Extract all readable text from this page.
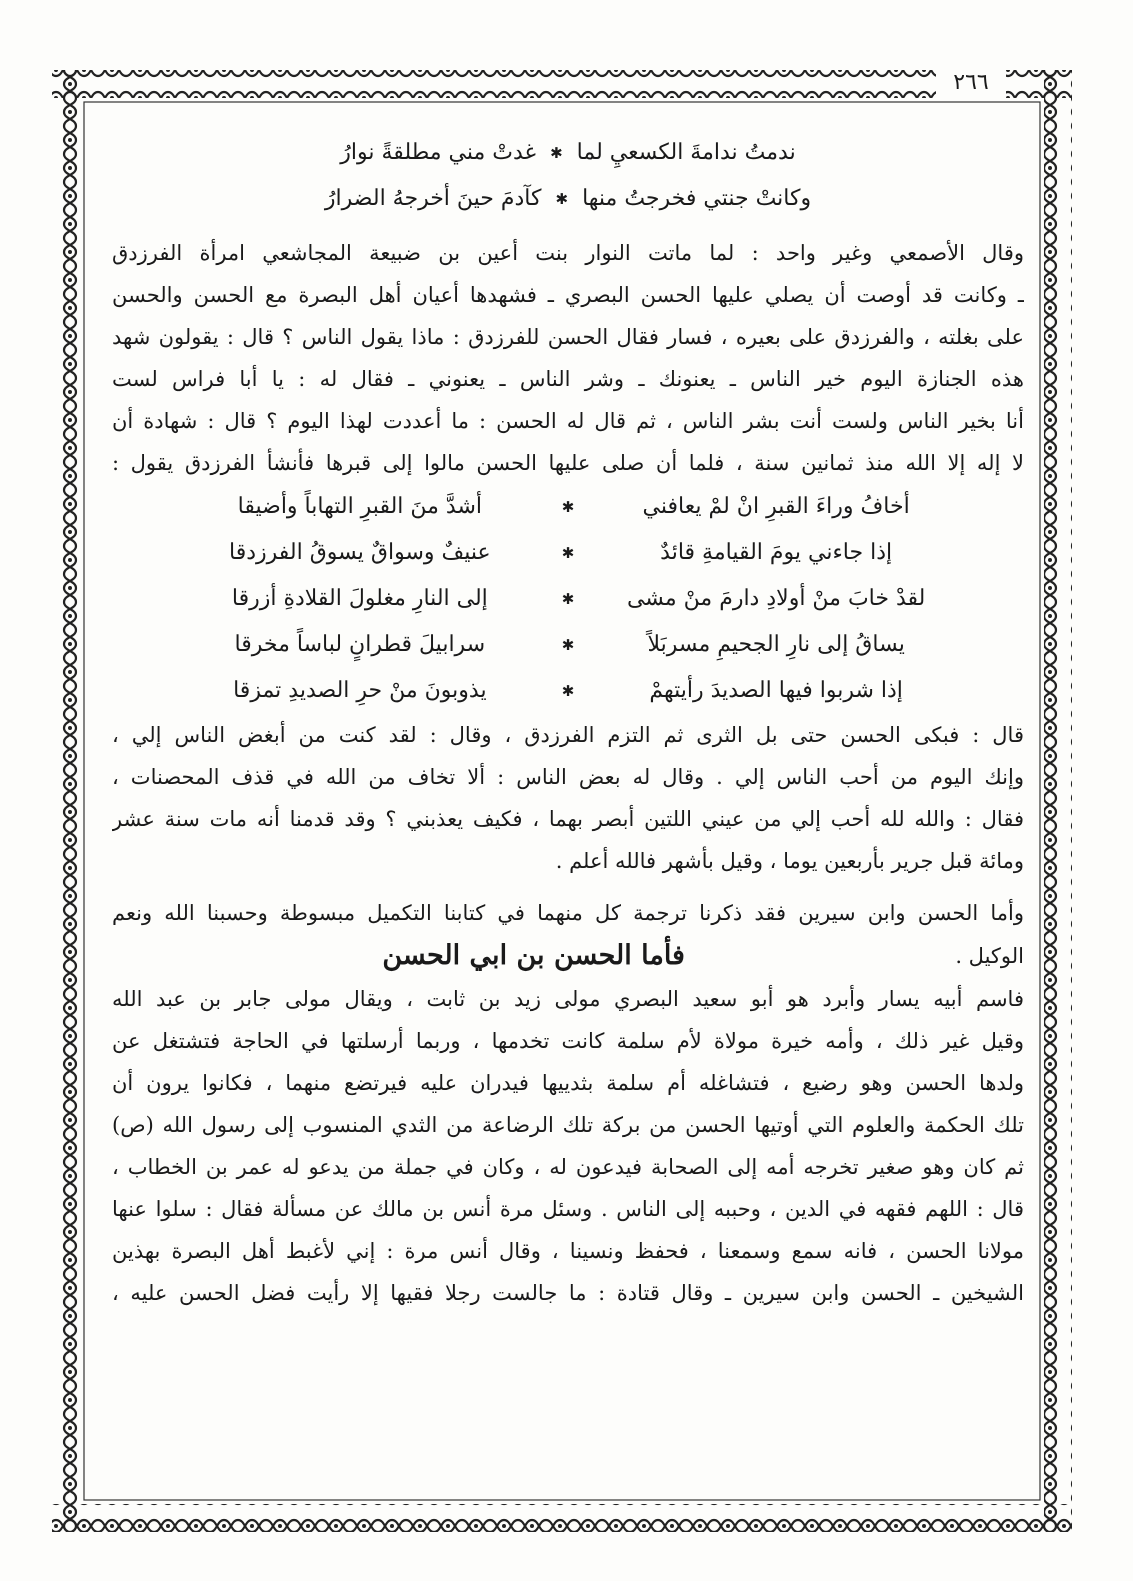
٢٦٦
ندمتُ ندامةَ الكسعيِ لما
✱
غدتْ مني مطلقةً نوارُ
وكانتْ جنتي فخرجتُ منها
✱
كآدمَ حينَ أخرجهُ الضرارُ
وقال الأصمعي وغير واحد : لما ماتت النوار بنت أعين بن ضبيعة المجاشعي امرأة الفرزدق
ـ وكانت قد أوصت أن يصلي عليها الحسن البصري ـ فشهدها أعيان أهل البصرة مع الحسن والحسن
على بغلته ، والفرزدق على بعيره ، فسار فقال الحسن للفرزدق : ماذا يقول الناس ؟ قال : يقولون شهد
هذه الجنازة اليوم خير الناس ـ يعنونك ـ وشر الناس ـ يعنوني ـ فقال له : يا أبا فراس لست
أنا بخير الناس ولست أنت بشر الناس ، ثم قال له الحسن : ما أعددت لهذا اليوم ؟ قال : شهادة أن
لا إله إلا الله منذ ثمانين سنة ، فلما أن صلى عليها الحسن مالوا إلى قبرها فأنشأ الفرزدق يقول :
أخافُ وراءَ القبرِ انْ لمْ يعافني
✱
أشدَّ منَ القبرِ التهاباً وأضيقا
إذا جاءني يومَ القيامةِ قائدٌ
✱
عنيفٌ وسواقٌ يسوقُ الفرزدقا
لقدْ خابَ منْ أولادِ دارمَ منْ مشى
✱
إلى النارِ مغلولَ القلادةِ أزرقا
يساقُ إلى نارِ الجحيمِ مسربَلاً
✱
سرابيلَ قطرانٍ لباساً مخرقا
إذا شربوا فيها الصديدَ رأيتهمْ
✱
يذوبونَ منْ حرِ الصديدِ تمزقا
قال : فبكى الحسن حتى بل الثرى ثم التزم الفرزدق ، وقال : لقد كنت من أبغض الناس إلي ،
وإنك اليوم من أحب الناس إلي . وقال له بعض الناس : ألا تخاف من الله في قذف المحصنات ،
فقال : والله لله أحب إلي من عيني اللتين أبصر بهما ، فكيف يعذبني ؟ وقد قدمنا أنه مات سنة عشر
ومائة قبل جرير بأربعين يوما ، وقيل بأشهر فالله أعلم .
وأما الحسن وابن سيرين فقد ذكرنا ترجمة كل منهما في كتابنا التكميل مبسوطة وحسبنا الله ونعم
الوكيل .
فأما الحسن بن ابي الحسن
فاسم أبيه يسار وأبرد هو أبو سعيد البصري مولى زيد بن ثابت ، ويقال مولى جابر بن عبد الله
وقيل غير ذلك ، وأمه خيرة مولاة لأم سلمة كانت تخدمها ، وربما أرسلتها في الحاجة فتشتغل عن
ولدها الحسن وهو رضيع ، فتشاغله أم سلمة بثدييها فيدران عليه فيرتضع منهما ، فكانوا يرون أن
تلك الحكمة والعلوم التي أوتيها الحسن من بركة تلك الرضاعة من الثدي المنسوب إلى رسول الله (ص)
ثم كان وهو صغير تخرجه أمه إلى الصحابة فيدعون له ، وكان في جملة من يدعو له عمر بن الخطاب ،
قال : اللهم فقهه في الدين ، وحببه إلى الناس . وسئل مرة أنس بن مالك عن مسألة فقال : سلوا عنها
مولانا الحسن ، فانه سمع وسمعنا ، فحفظ ونسينا ، وقال أنس مرة : إني لأغبط أهل البصرة بهذين
الشيخين ـ الحسن وابن سيرين ـ وقال قتادة : ما جالست رجلا فقيها إلا رأيت فضل الحسن عليه ،
